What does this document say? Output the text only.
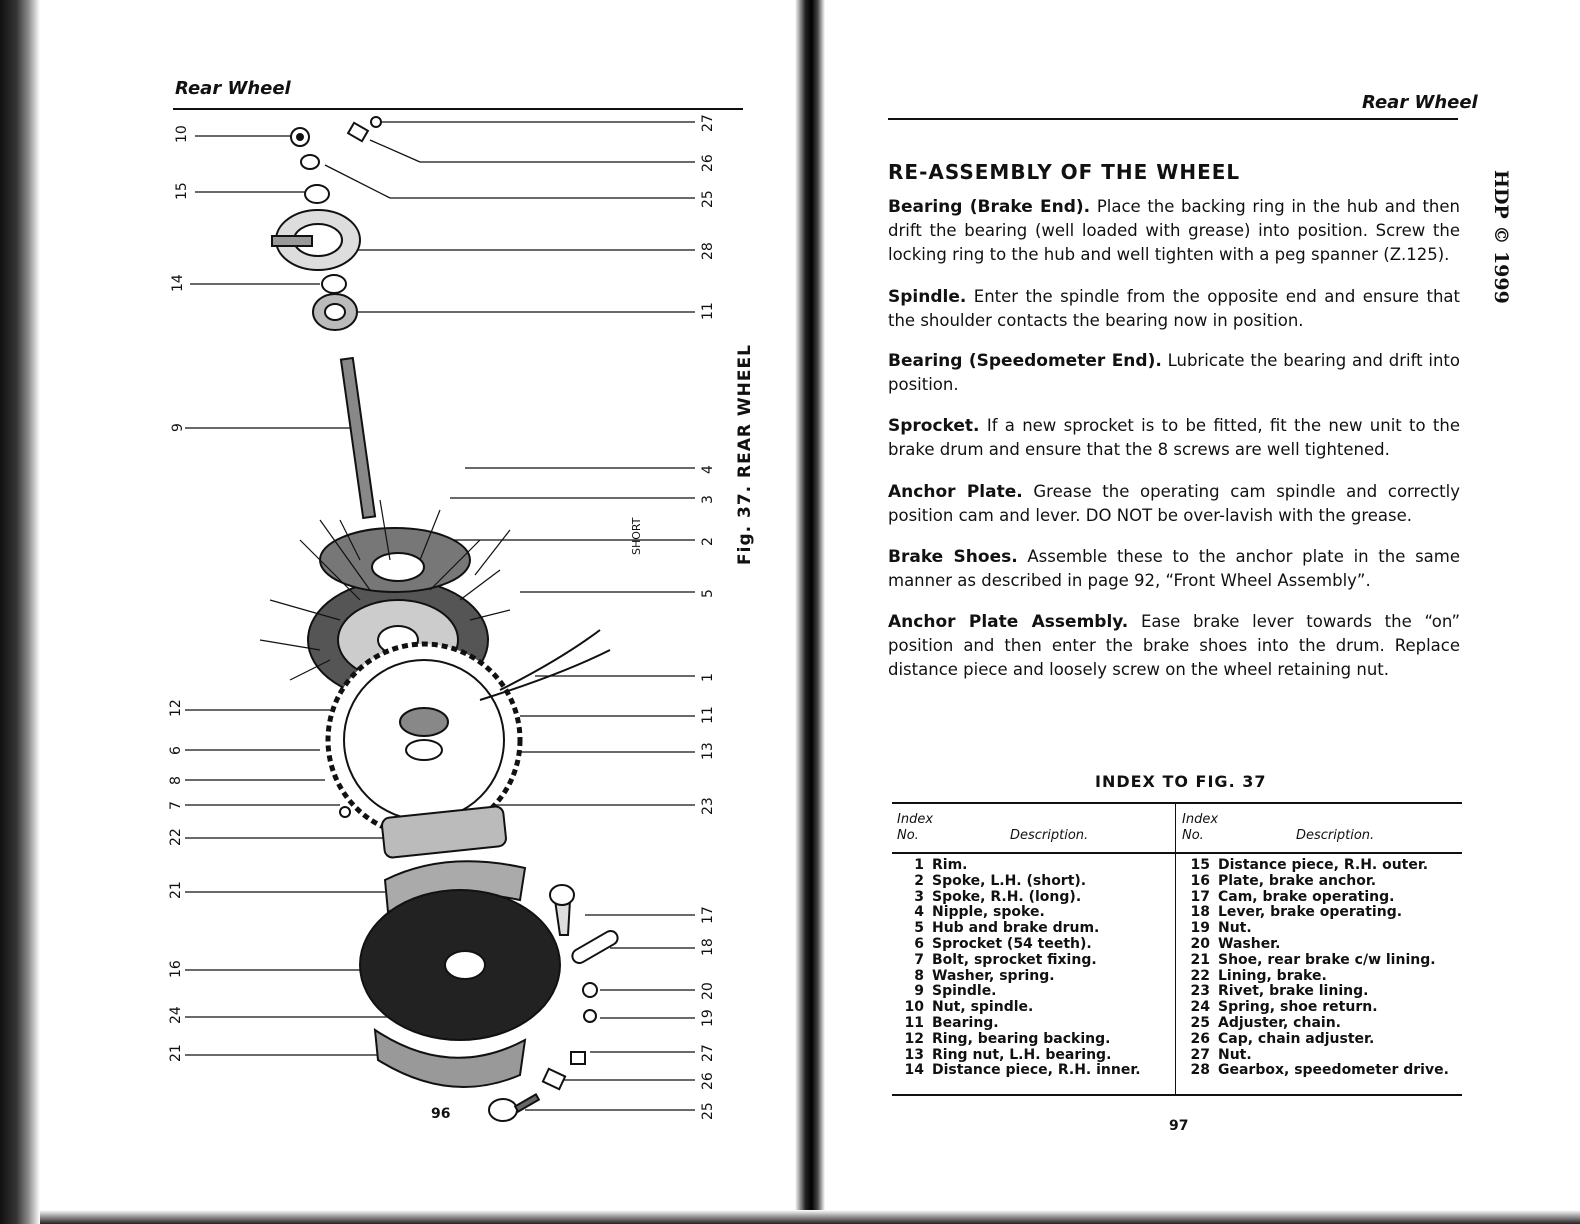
Rear Wheel
10
15
14
9
12
6
8
7
22
21
16
24
21
27
26
25
28
11
4
3
2
5
1
11
13
23
17
18
20
19
27
26
25
SHORT	Fig. 37. REAR WHEEL
96
Rear Wheel
HDP © 1999
RE-ASSEMBLY OF THE WHEEL
Bearing (Brake End). Place the backing ring in the hub and then drift the bearing (well loaded with grease) into position. Screw the locking ring to the hub and well tighten with a peg spanner (Z.125).
Spindle. Enter the spindle from the opposite end and ensure that the shoulder contacts the bearing now in position.
Bearing (Speedometer End). Lubricate the bearing and drift into position.
Sprocket. If a new sprocket is to be fitted, fit the new unit to the brake drum and ensure that the 8 screws are well tightened.
Anchor Plate. Grease the operating cam spindle and correctly position cam and lever. DO NOT be over-lavish with the grease.
Brake Shoes. Assemble these to the anchor plate in the same manner as described in page 92, “Front Wheel Assembly”.
Anchor Plate Assembly. Ease brake lever towards the “on” position and then enter the brake shoes into the drum. Replace distance piece and loosely screw on the wheel retaining nut.
INDEX TO FIG. 37
Index
No.	Description.
Index
No.	Description.
1 Rim.
2 Spoke, L.H. (short).
3 Spoke, R.H. (long).
4 Nipple, spoke.
5 Hub and brake drum.
6 Sprocket (54 teeth).
7 Bolt, sprocket fixing.
8 Washer, spring.
9 Spindle.
10 Nut, spindle.
11 Bearing.
12 Ring, bearing backing.
13 Ring nut, L.H. bearing.
14 Distance piece, R.H. inner.
15 Distance piece, R.H. outer.
16 Plate, brake anchor.
17 Cam, brake operating.
18 Lever, brake operating.
19 Nut.
20 Washer.
21 Shoe, rear brake c/w lining.
22 Lining, brake.
23 Rivet, brake lining.
24 Spring, shoe return.
25 Adjuster, chain.
26 Cap, chain adjuster.
27 Nut.
28 Gearbox, speedometer drive.
97
